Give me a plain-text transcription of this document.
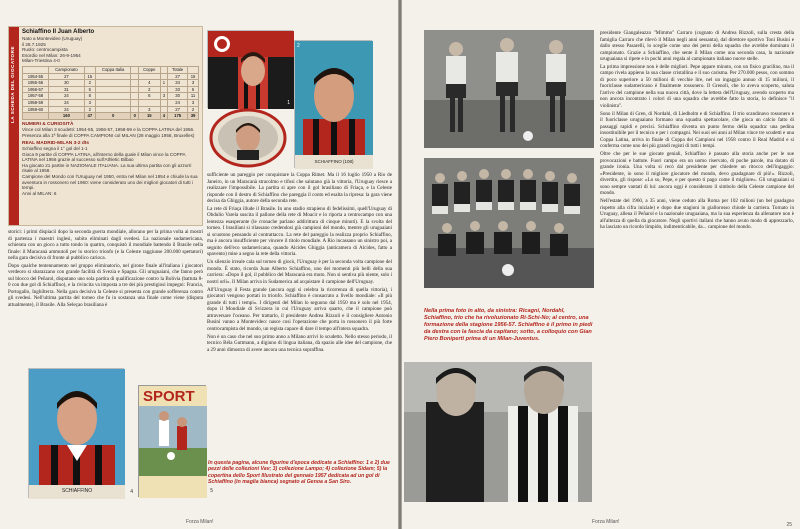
LA SCHEDA DEL GIOCATORE
Schiaffino II Juan Alberto
Nato a Montevideo (Uruguay)
il 28.7.1925
Ruolo: centrocampista
Esordio nel Milan: 26-9-1954
Milan-Triestina 4-0
	Campionato		Coppa Italia		Coppe		Totale	
1954-55	27	15					27	15
1955-56	30	2			4	1	34	3
1956-57	31	5			2		33	5
1957-58	24	8			6	3	30	11
1958-59	24	3					24	3
1959-60	24	2			3		27	2
	160	47	0	0	15	4	175	39
NUMERI & CURIOSITÀ
Vince col Milan 3 scudetti: 1954-55, 1956-57, 1958-59 e la COPPA LATINA del 1956.
Presenza alla 1ª finale di COPPA CAMPIONI col MILAN (28 maggio 1958, Bruxelles)
REAL MADRID-MILAN 3-2 dts
Schiaffino segna il 1° gol del 1-1
Gioca 9 partite di COPPA LATINA, all'interno della quale il Milan vince la COPPA LATINA nel 1956 grazie al successo sull'Athletic Bilbao
Ha giocato 21 partite in NAZIONALE ITALIANA. La sua ultima partita con gli azzurri risale al 1958.
Campione del Mondo con l'Uruguay nel 1950, entra nel Milan nel 1954 e chiude la sua avventura in rossonero nel 1960: viene considerato uno dei migliori giocatori di tutti i tempi.
Anni al MILAN: 6
1
SCHIAFFINO (108)
2

storici: i primi dispiacii dopo la seconda guerra mondiale, allorano per la prima volta ai mostri di partenza i maestri inglesi, subito eliminati dagli svedesi. La nazionale sudamericana, schierata con un gioco a tutto tondo in quattro, conquistò il mondiale battendo il Brasile nella finale: il Maracanà ammutolì per lo storico trionfo (e la Celeste raggiunse 200.000 spettatori) nella gara decisiva di fronte al pubblico carioca.

Dopo qualche tentennamento nel gruppo eliminatorio, nel girone finale all'italiana i giocatori verdeoro si sbarazzano con grande facilità di Svezia e Spagna. Gli uruguaiani, che fanno però sul blocco del Peñarol, disputano uno sola partita di qualificazione contro la Bolivia (battuta 8-0 con due gol di Schiaffino), e la rivincita va imposta a tre dei più prestigiosi impegni: Francia, Portogallo, Inghilterra. Nella gara decisiva la Celeste si presenta con grande sofferenza contro gli svedesi. Nell'ultima partita del torneo che fu in sostanza una finale come viene (disputa attualmente), il Brasile. Alla Seleçao brasiliana è

sufficiente un pareggio per conquistare la Coppa Rimet. Ma il 16 luglio 1950 a Rio de Janeiro, in un Maracanà stracolmo e tifosi che salutano già la vittoria, l'Uruguay riesce a realizzare l'impossibile. La partita si apre con il gol brasiliano di Friaça, e la Celeste risponde con il destro di Schiaffino che pareggia il conto ed esalta la ripresa: la gara viene decisa da Ghiggia, autore della seconda rete.

La rete di Friaça illude il Brasile. In uno stadio strapieno di fedelissimi, quell'Uruguay di Obdulio Varela suscita il pallone della rete di Moacir e lo riporta a centrocampo con una lentezza esasperante (le cronache parlano addirittura di cinque minuti). E la svolta del torneo. I brasiliani si rilassano credendosi già campioni del mondo, mentre gli uruguaiani si scuotono pensando al contrattacco. La rete del pareggio la realizza proprio Schiaffino, ma è ancora insufficiente per vincere il titolo mondiale. A Rio incassano un sinistro poi, a seguito dell'eco sudamericana, quando Alcides Ghiggia (anticamera di Alcides, fatto a spavento) mise a segno la rete della vittoria.

Un silenzio irreale cala sul torneo di giocò, l'Uruguay è per la seconda volta campione del mondo. È stato, ricorda Juan Alberto Schiaffino, uno dei momenti più belli della sua carriera: «Dopo il gol, il pubblico del Maracanà era muto. Non si sentiva più niente, solo i nostri urli». Il Milan arriva in Sudamerica ad acquistare il campione dell'Uruguay.

All'Uruguay il Festa grande (ancora oggi si celebra la ricorrenza di quella vittoria), i giocatori vengono portati in trionfo. Schiaffino è consacrato a livello mondiale: «Il più grande di tutti i tempi». I dirigenti del Milan lo seguono dal 1950 ma è solo nel 1954, dopo il Mondiale di Svizzera in cui l'Uruguay arriva quarto, che il campione può attraversare l'oceano. Per trattarlo, il presidente Andrea Rizzoli e il consigliere Antonio Busini vanno a Montevideo: nasce così l'operazione che porta in rossonero il più forte centrocampista del mondo, un regista capace di dare il tempo all'intera squadra.

Non è un caso che nel suo primo anno a Milano arrivi lo scudetto. Nello stesso periodo, il tecnico Béla Guttmann, a digiuno di lingua italiana, dà spazio alle idee del campione, che a 29 anni dimostra di avere ancora una tecnica sopraffina.

SCHIAFFINO	4
SPORT
5
In questa pagina, alcune figurine d'epoca dedicate a Schiaffino: 1 e 2) due pezzi delle collezioni Vav; 3) collezione Lampo; 4) collezione Sidam; 5) la copertina dello Sport Illustrato del gennaio 1957 dedicata ad un gol di Schiaffino (in maglia bianca) segnato al Genoa a San Siro.
Forza Milan!
Nella prima foto in alto, da sinistra: Ricagni, Nordahl, Schiaffino, trio che ha rivoluzionato Ri-Schi-No; al centro, una formazione della stagione 1956-57. Schiaffino è il primo in piedi da destra con la fascia da capitano; sotto, a colloquio con Gian Piero Boniperti prima di un Milan-Juventus.

presidente Giangaleazzo "Mimmo" Carraro (cognato di Andrea Rizzoli, sulla cresta della famiglia Carraro che rilevò il Milan negli anni sessanta), dal direttore sportivo Toni Busini e dallo stesso Pasarelli, lo sceglie come uno dei perni della squadra che avrebbe dominato il campionato. Grazie a Schiaffino, che sente il Milan come una seconda casa, la nazionale uruguaiana si ripete e in pochi anni regala al campionato italiano nuove stelle.

La prima impressione non è delle migliori. Pepe appare minuto, con un fisico gracilino, ma il campo rivela appieno la sua classe cristallina e il suo carisma. Per 270.000 pesos, con sommo di poco superiore a 50 milioni di vecchie lire, nel un ingaggio annuo di 15 milioni, il fuoriclasse sudamericano è finalmente rossonero. Il Grenoli, che lo aveva scoperto, saluta l'arrivo del campione nella sua nuova città, dove la lettera dell'Uruguay, avendo scoperto ma non ancora incontrato i colori di una squadra che avrebbe fatto la storia, lo definisce "il violinista".

Sono il Milan di Gren, di Nordahl, di Liedholm e di Schiaffino. Il trio scandinavo rossonero e il fuoriclasse uruguaiano formano una squadra spettacolare, che gioca un calcio fatto di passaggi rapidi e precisi. Schiaffino diventa un punto fermo della squadra: una pedina insostituibile per il tecnico e per i compagni. Nei suoi sei anni al Milan vince tre scudetti e una Coppa Latina, arriva in finale di Coppa dei Campioni nel 1958 contro il Real Madrid e si conferma come uno dei più grandi registi di tutti i tempi.

Oltre che per le sue giocate geniali, Schiaffino è passato alla storia anche per le sue provocazioni e battute. Fuori campo era un uomo riservato, di poche parole, ma dotato di grande ironia. Una volta si recò dal presidente per chiedere un ritocco dell'ingaggio: «Presidente, io sono il migliore giocatore del mondo, devo guadagnare di più!». Rizzoli, divertito, gli rispose: «Lo so, Pepe, e per questo ti pago come il migliore». Gli uruguaiani si sono sempre vantati di lui: ancora oggi è considerato il simbolo della Celeste campione del mondo.

Nell'estate del 1960, a 35 anni, viene ceduto alla Roma per 102 milioni (un bel guadagno rispetto alla cifra iniziale) e dopo due stagioni in giallorosso chiude la carriera. Tornato in Uruguay, allena il Peñarol e la nazionale uruguaiana, ma la sua esperienza da allenatore non è all'altezza di quella da giocatore. Negli sportivi italiani che hanno avuto modo di apprezzarlo, ha lasciato un ricordo limpido, indimenticabile, da... campione del mondo.

Forza Milan!	25
